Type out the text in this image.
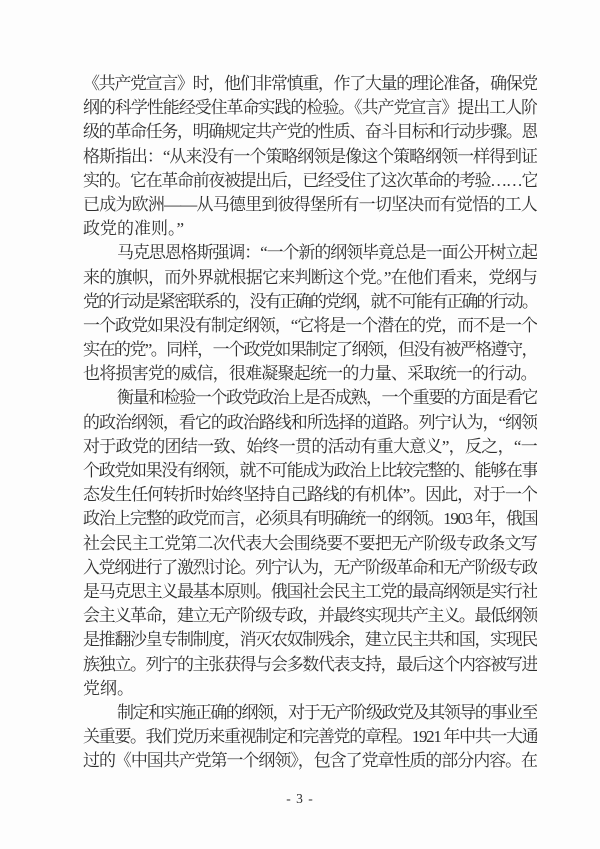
《共产党宣言》时，他们非常慎重，作了大量的理论准备，确保党
纲的科学性能经受住革命实践的检验。《共产党宣言》提出工人阶
级的革命任务，明确规定共产党的性质、奋斗目标和行动步骤。恩
格斯指出：“从来没有一个策略纲领是像这个策略纲领一样得到证
实的。它在革命前夜被提出后，已经受住了这次革命的考验……它
已成为欧洲——从马德里到彼得堡所有一切坚决而有觉悟的工人
政党的准则。”
马克思恩格斯强调：“一个新的纲领毕竟总是一面公开树立起
来的旗帜，而外界就根据它来判断这个党。”在他们看来，党纲与
党的行动是紧密联系的，没有正确的党纲，就不可能有正确的行动。
一个政党如果没有制定纲领，“它将是一个潜在的党，而不是一个
实在的党”。同样，一个政党如果制定了纲领，但没有被严格遵守，
也将损害党的威信，很难凝聚起统一的力量、采取统一的行动。
衡量和检验一个政党政治上是否成熟，一个重要的方面是看它
的政治纲领，看它的政治路线和所选择的道路。列宁认为，“纲领
对于政党的团结一致、始终一贯的活动有重大意义”，反之，“一
个政党如果没有纲领，就不可能成为政治上比较完整的、能够在事
态发生任何转折时始终坚持自己路线的有机体”。因此，对于一个
政治上完整的政党而言，必须具有明确统一的纲领。1903 年，俄国
社会民主工党第二次代表大会围绕要不要把无产阶级专政条文写
入党纲进行了激烈讨论。列宁认为，无产阶级革命和无产阶级专政
是马克思主义最基本原则。俄国社会民主工党的最高纲领是实行社
会主义革命，建立无产阶级专政，并最终实现共产主义。最低纲领
是推翻沙皇专制制度，消灭农奴制残余，建立民主共和国，实现民
族独立。列宁的主张获得与会多数代表支持，最后这个内容被写进
党纲。
制定和实施正确的纲领，对于无产阶级政党及其领导的事业至
关重要。我们党历来重视制定和完善党的章程。1921 年中共一大通
过的《中国共产党第一个纲领》，包含了党章性质的部分内容。在
- 3 -
